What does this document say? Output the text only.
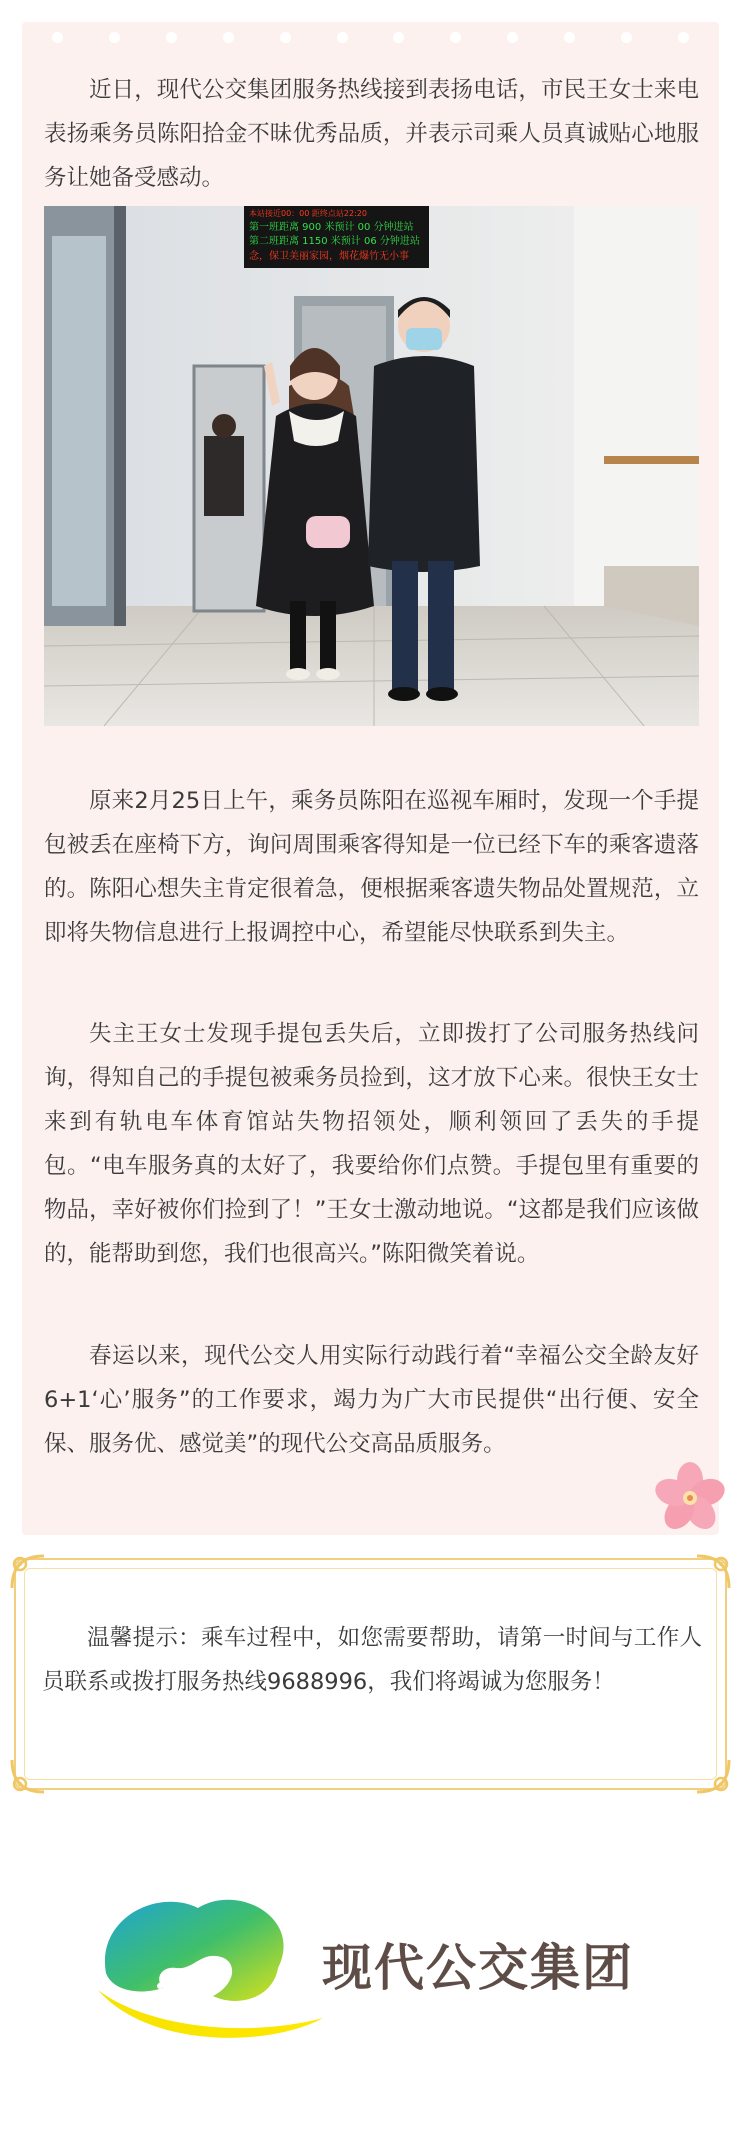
近日，现代公交集团服务热线接到表扬电话，市民王女士来电表扬乘务员陈阳拾金不昧优秀品质，并表示司乘人员真诚贴心地服务让她备受感动。

本站接近00：00 距终点站22:20
第一班距离 900 米预计 00 分钟进站
第二班距离 1150 米预计 06 分钟进站
念，保卫美丽家园，烟花爆竹无小事

原来2月25日上午，乘务员陈阳在巡视车厢时，发现一个手提包被丢在座椅下方，询问周围乘客得知是一位已经下车的乘客遗落的。陈阳心想失主肯定很着急，便根据乘客遗失物品处置规范，立即将失物信息进行上报调控中心，希望能尽快联系到失主。

失主王女士发现手提包丢失后，立即拨打了公司服务热线问询，得知自己的手提包被乘务员捡到，这才放下心来。很快王女士来到有轨电车体育馆站失物招领处，顺利领回了丢失的手提包。“电车服务真的太好了，我要给你们点赞。手提包里有重要的物品，幸好被你们捡到了！”王女士激动地说。“这都是我们应该做的，能帮助到您，我们也很高兴。”陈阳微笑着说。

春运以来，现代公交人用实际行动践行着“幸福公交全龄友好6+1‘心’服务”的工作要求，竭力为广大市民提供“出行便、安全保、服务优、感觉美”的现代公交高品质服务。

温馨提示：乘车过程中，如您需要帮助，请第一时间与工作人员联系或拨打服务热线9688996，我们将竭诚为您服务！

现代公交集团
